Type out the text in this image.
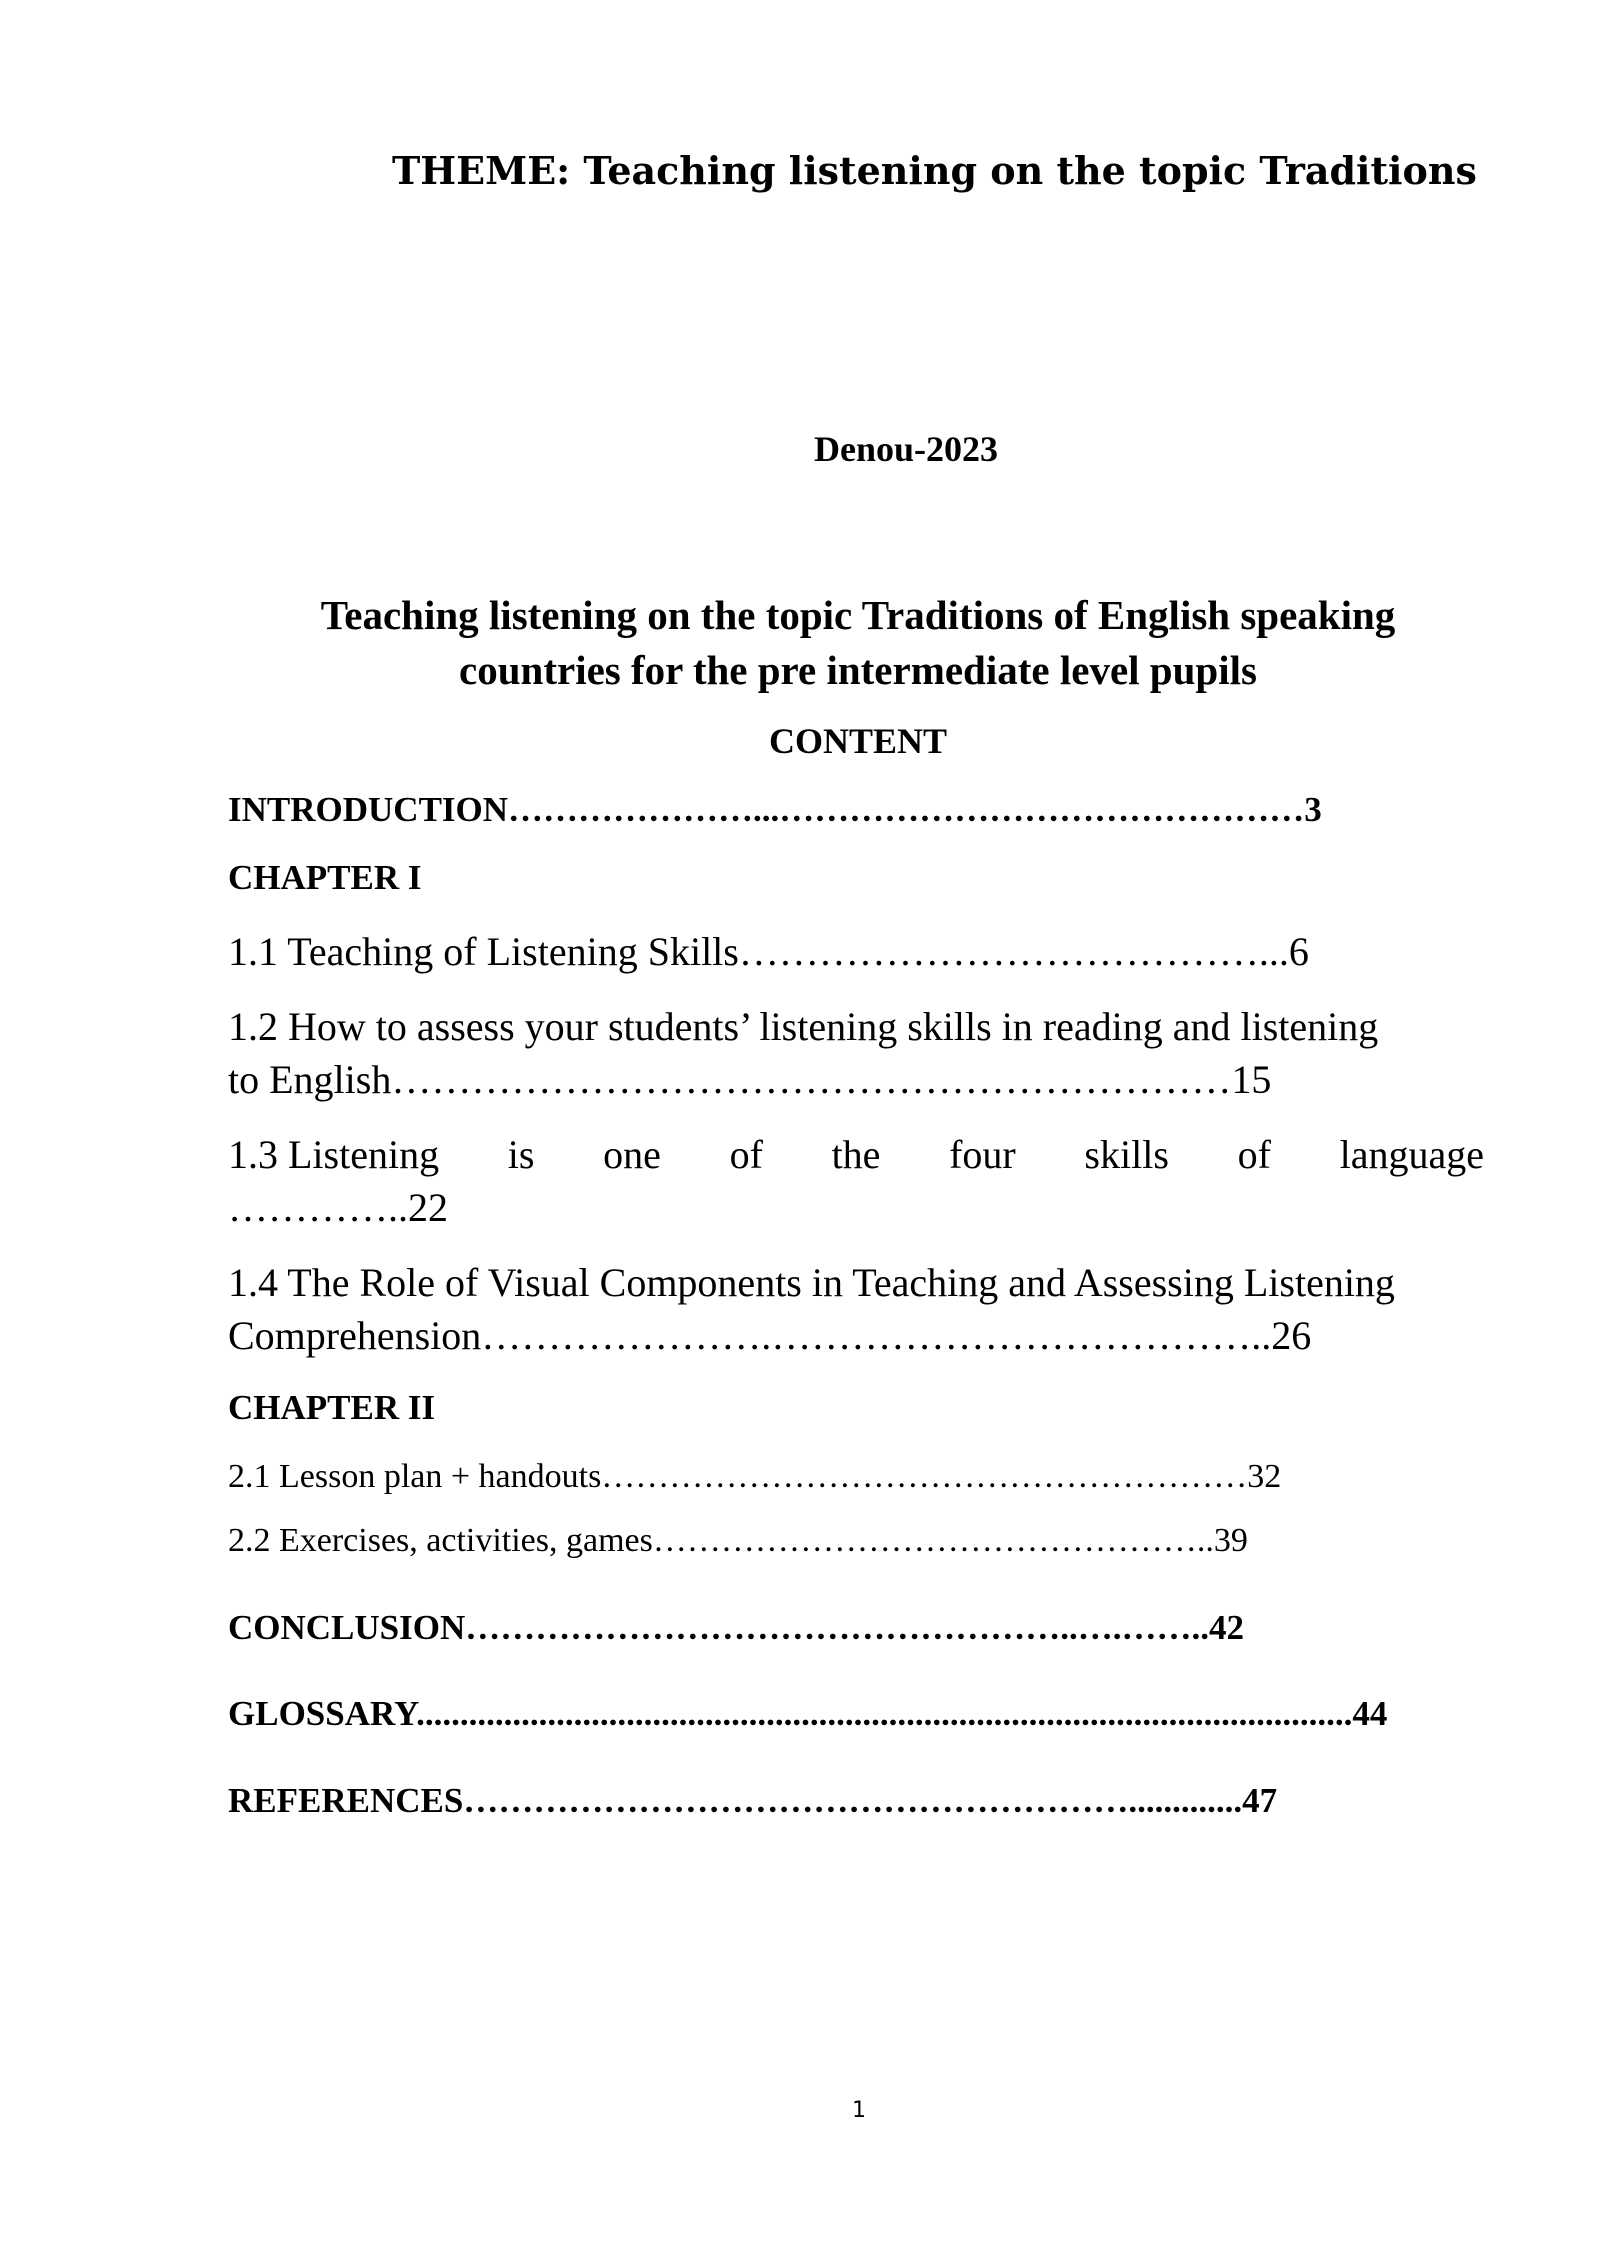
THEME: Teaching listening on the topic Traditions
Denou-2023
Teaching listening on the topic Traditions of English speaking
countries for the pre intermediate level pupils
CONTENT
INTRODUCTION…………………...………………………………………3
CHAPTER I
1.1 Teaching of Listening Skills…………………………………...6
1.2 How to assess your students’ listening skills in reading and listening
to English………………………………………………………15
1.3 Listening is one of the four skills of language
…………..22
1.4 The Role of Visual Components in Teaching and Assessing Listening
Comprehension………………….………………………………..26
CHAPTER II
2.1 Lesson plan + handouts…………………………………………………32
2.2 Exercises, activities, games…………………………………………..39
CONCLUSION……………………………………………..….……..42
GLOSSARY...........................................................................................................44
REFERENCES………………………………………………….............47
1
